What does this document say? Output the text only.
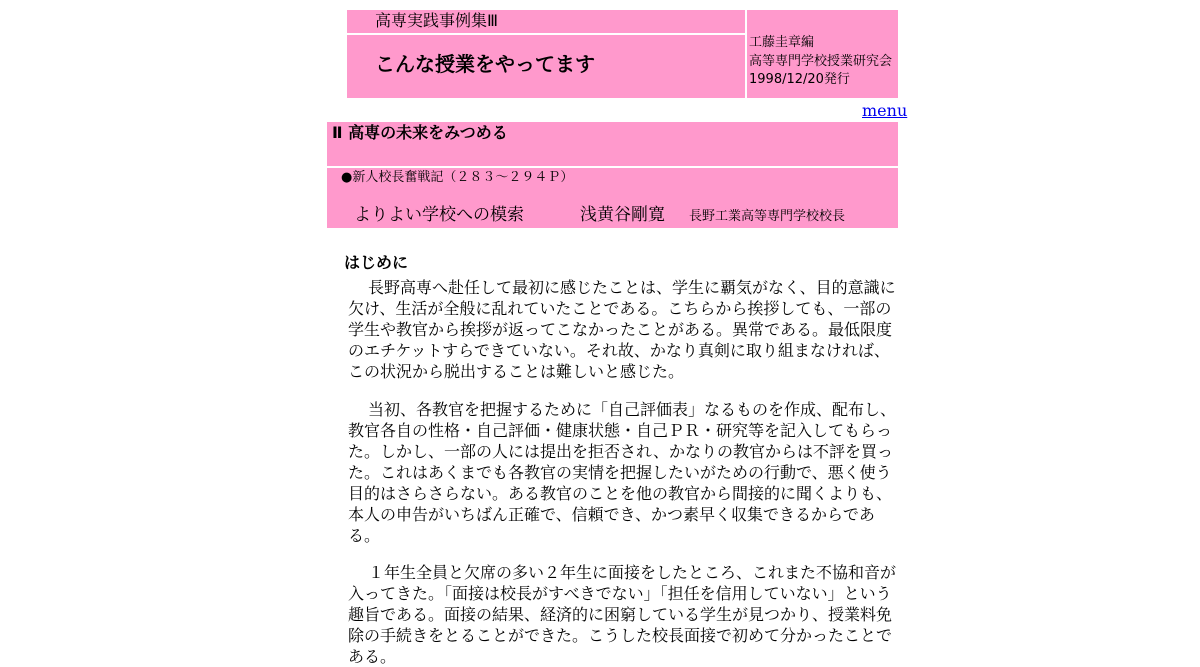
高専実践事例集Ⅲ
こんな授業をやってます
工藤圭章編
高等専門学校授業研究会
1998/12/20発行
menu
Ⅱ 高専の未来をみつめる
●新人校長奮戦記（２８３～２９４Ｐ）
よりよい学校への模索	浅黄谷剛寛 長野工業高等専門学校校長
はじめに

長野高専へ赴任して最初に感じたことは、学生に覇気がなく、目的意識に欠け、生活が全般に乱れていたことである。こちらから挨拶しても、一部の学生や教官から挨拶が返ってこなかったことがある。異常である。最低限度のエチケットすらできていない。それ故、かなり真剣に取り組まなければ、この状況から脱出することは難しいと感じた。

当初、各教官を把握するために「自己評価表」なるものを作成、配布し、教官各自の性格・自己評価・健康状態・自己ＰＲ・研究等を記入してもらった。しかし、一部の人には提出を拒否され、かなりの教官からは不評を買った。これはあくまでも各教官の実情を把握したいがための行動で、悪く使う目的はさらさらない。ある教官のことを他の教官から間接的に聞くよりも、本人の申告がいちばん正確で、信頼でき、かつ素早く収集できるからである。

１年生全員と欠席の多い２年生に面接をしたところ、これまた不協和音が入ってきた。「面接は校長がすべきでない」「担任を信用していない」という趣旨である。面接の結果、経済的に困窮している学生が見つかり、授業料免除の手続きをとることができた。こうした校長面接で初めて分かったことである。
